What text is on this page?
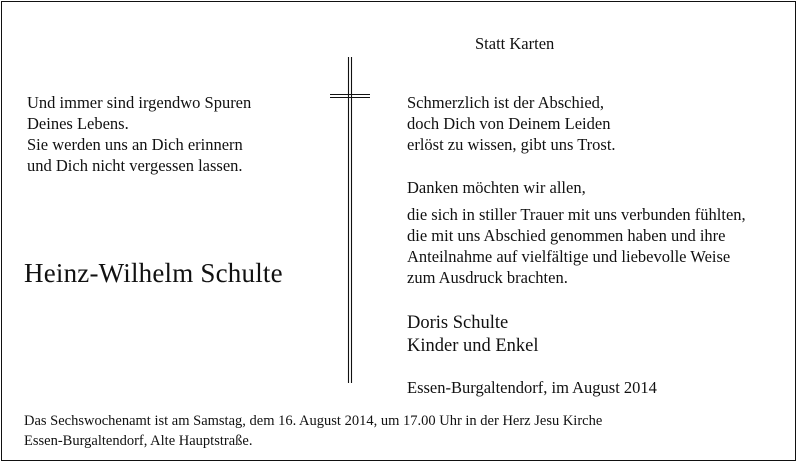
Statt Karten

Und immer sind irgendwo Spuren
Deines Lebens.
Sie werden uns an Dich erinnern
und Dich nicht vergessen lassen.
Schmerzlich ist der Abschied,
doch Dich von Deinem Leiden
erlöst zu wissen, gibt uns Trost.

Danken möchten wir allen,

die sich in stiller Trauer mit uns verbunden fühlten,
die mit uns Abschied genommen haben und ihre
Anteilnahme auf vielfältige und liebevolle Weise
zum Ausdruck brachten.

Heinz-Wilhelm Schulte

Doris Schulte
Kinder und Enkel

Essen-Burgaltendorf, im August 2014

Das Sechswochenamt ist am Samstag, dem 16. August 2014, um 17.00 Uhr in der Herz Jesu Kirche
Essen-Burgaltendorf, Alte Hauptstraße.
